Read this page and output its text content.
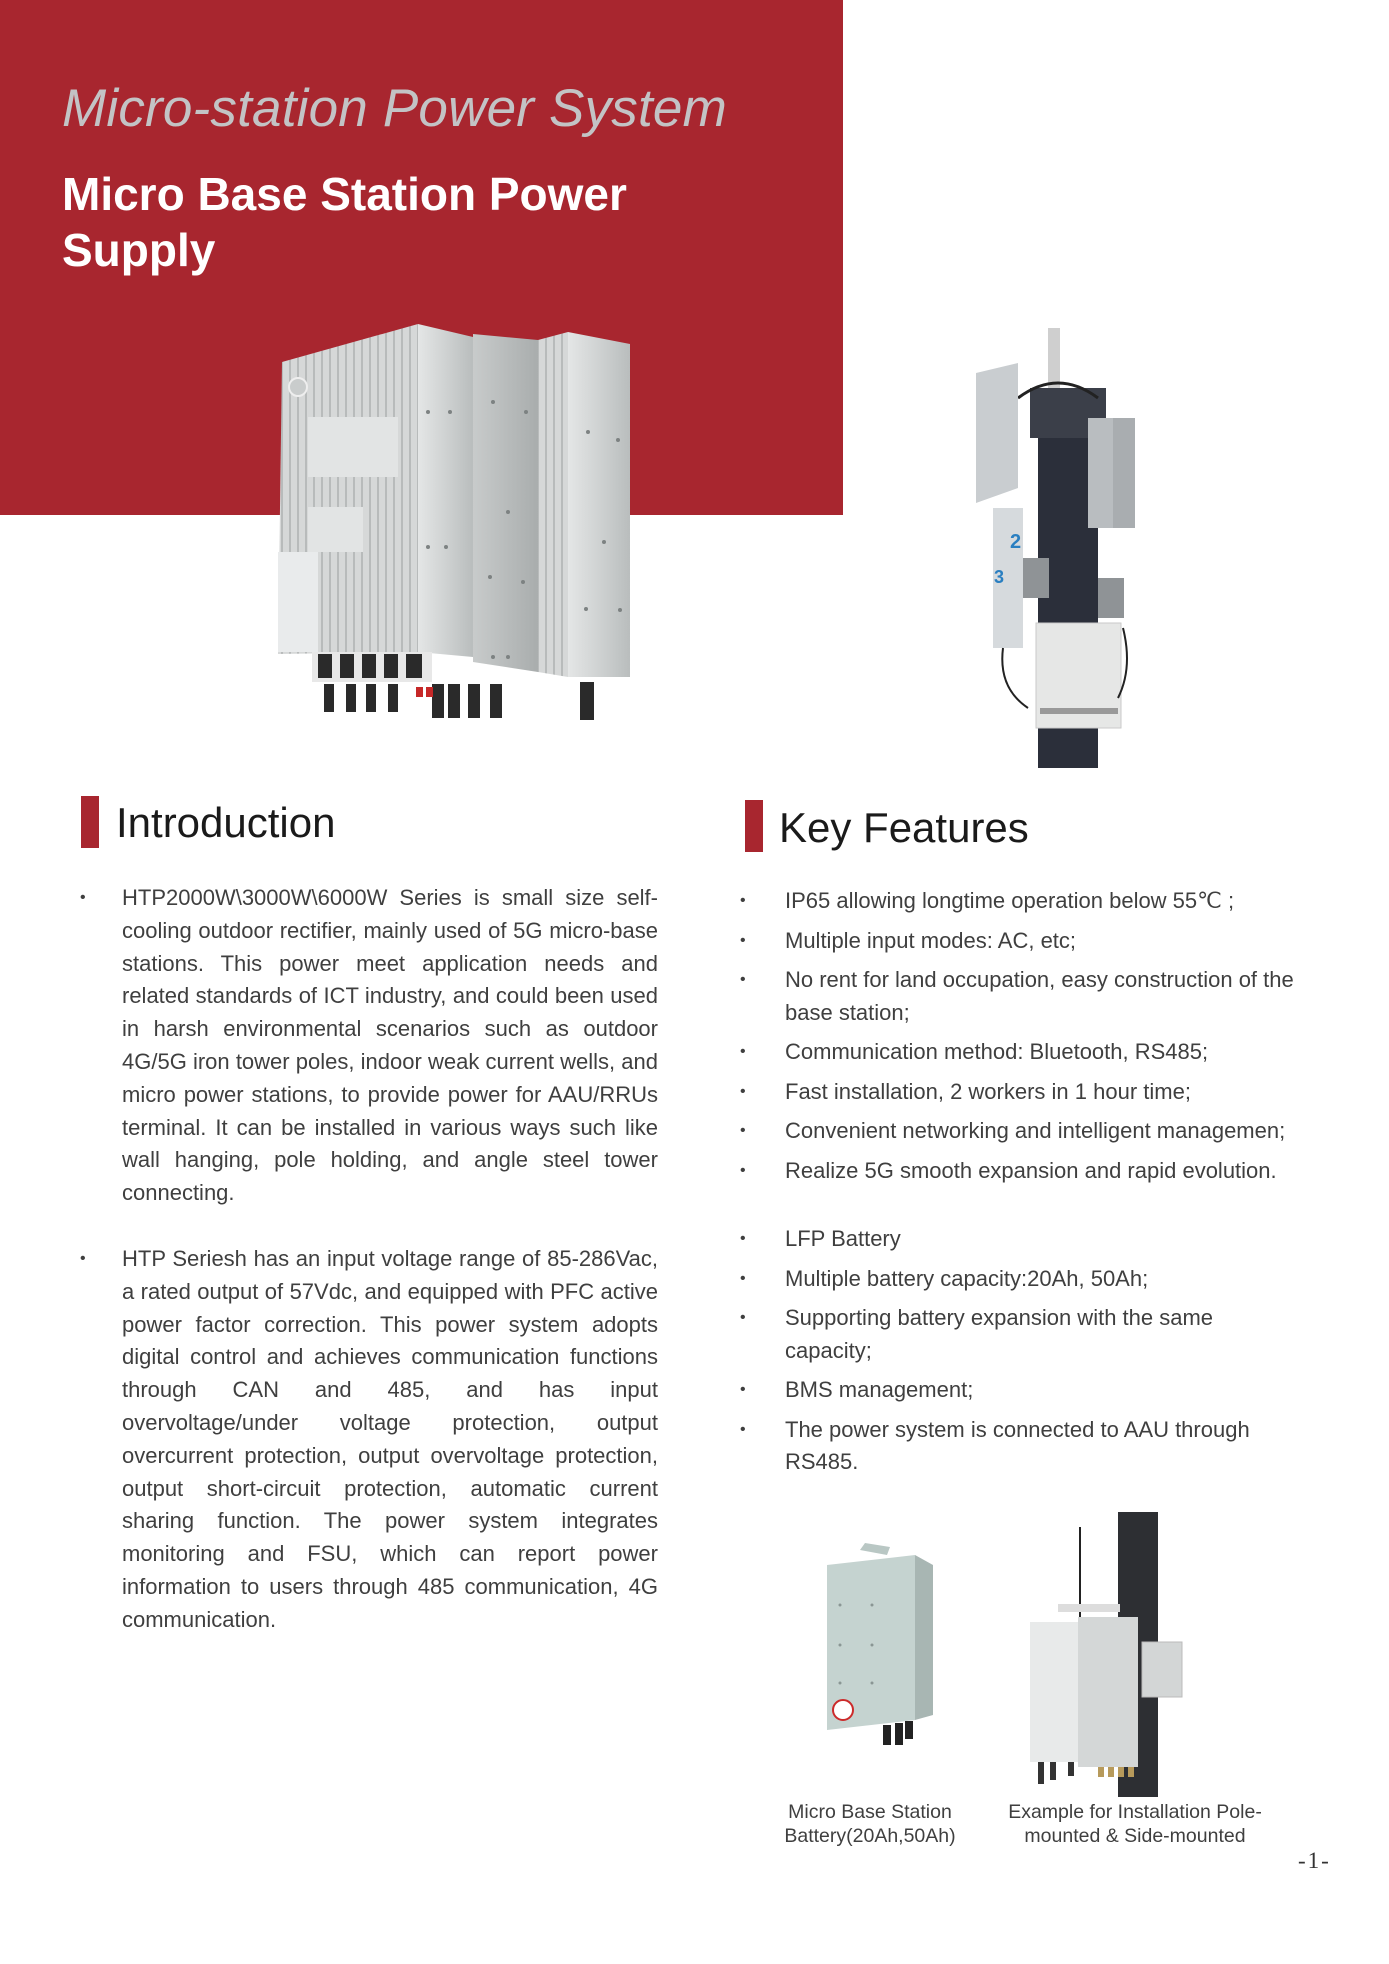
Micro-station Power System
Micro Base Station Power
Supply
2
3
Introduction
• HTP2000W\3000W\6000W Series is small size self-cooling outdoor rectifier, mainly used of 5G micro-base stations. This power meet application needs and related standards of ICT industry, and could been used in harsh environmental scenarios such as outdoor 4G/5G iron tower poles, indoor weak current wells, and micro power stations, to provide power for AAU/RRUs terminal. It can be installed in various ways such like wall hanging, pole holding, and angle steel tower connecting.
• HTP Seriesh has an input voltage range of 85-286Vac, a rated output of 57Vdc, and equipped with PFC active power factor correction. This power system adopts digital control and achieves communication functions through CAN and 485, and has input overvoltage/under voltage protection, output overcurrent protection, output overvoltage protection, output short-circuit protection, automatic current sharing function. The power system integrates monitoring and FSU, which can report power information to users through 485 communication, 4G communication.
Key Features
• IP65 allowing longtime operation below 55℃ ;
• Multiple input modes: AC, etc;
• No rent for land occupation, easy construction of the base station;
• Communication method: Bluetooth, RS485;
• Fast installation, 2 workers in 1 hour time;
• Convenient networking and intelligent managemen;
• Realize 5G smooth expansion and rapid evolution.
• LFP Battery
• Multiple battery capacity:20Ah, 50Ah;
• Supporting battery expansion with the same capacity;
• BMS management;
• The power system is connected to AAU through RS485.
Micro Base Station
Battery(20Ah,50Ah)
Example for Installation Pole-
mounted & Side-mounted
-1-
